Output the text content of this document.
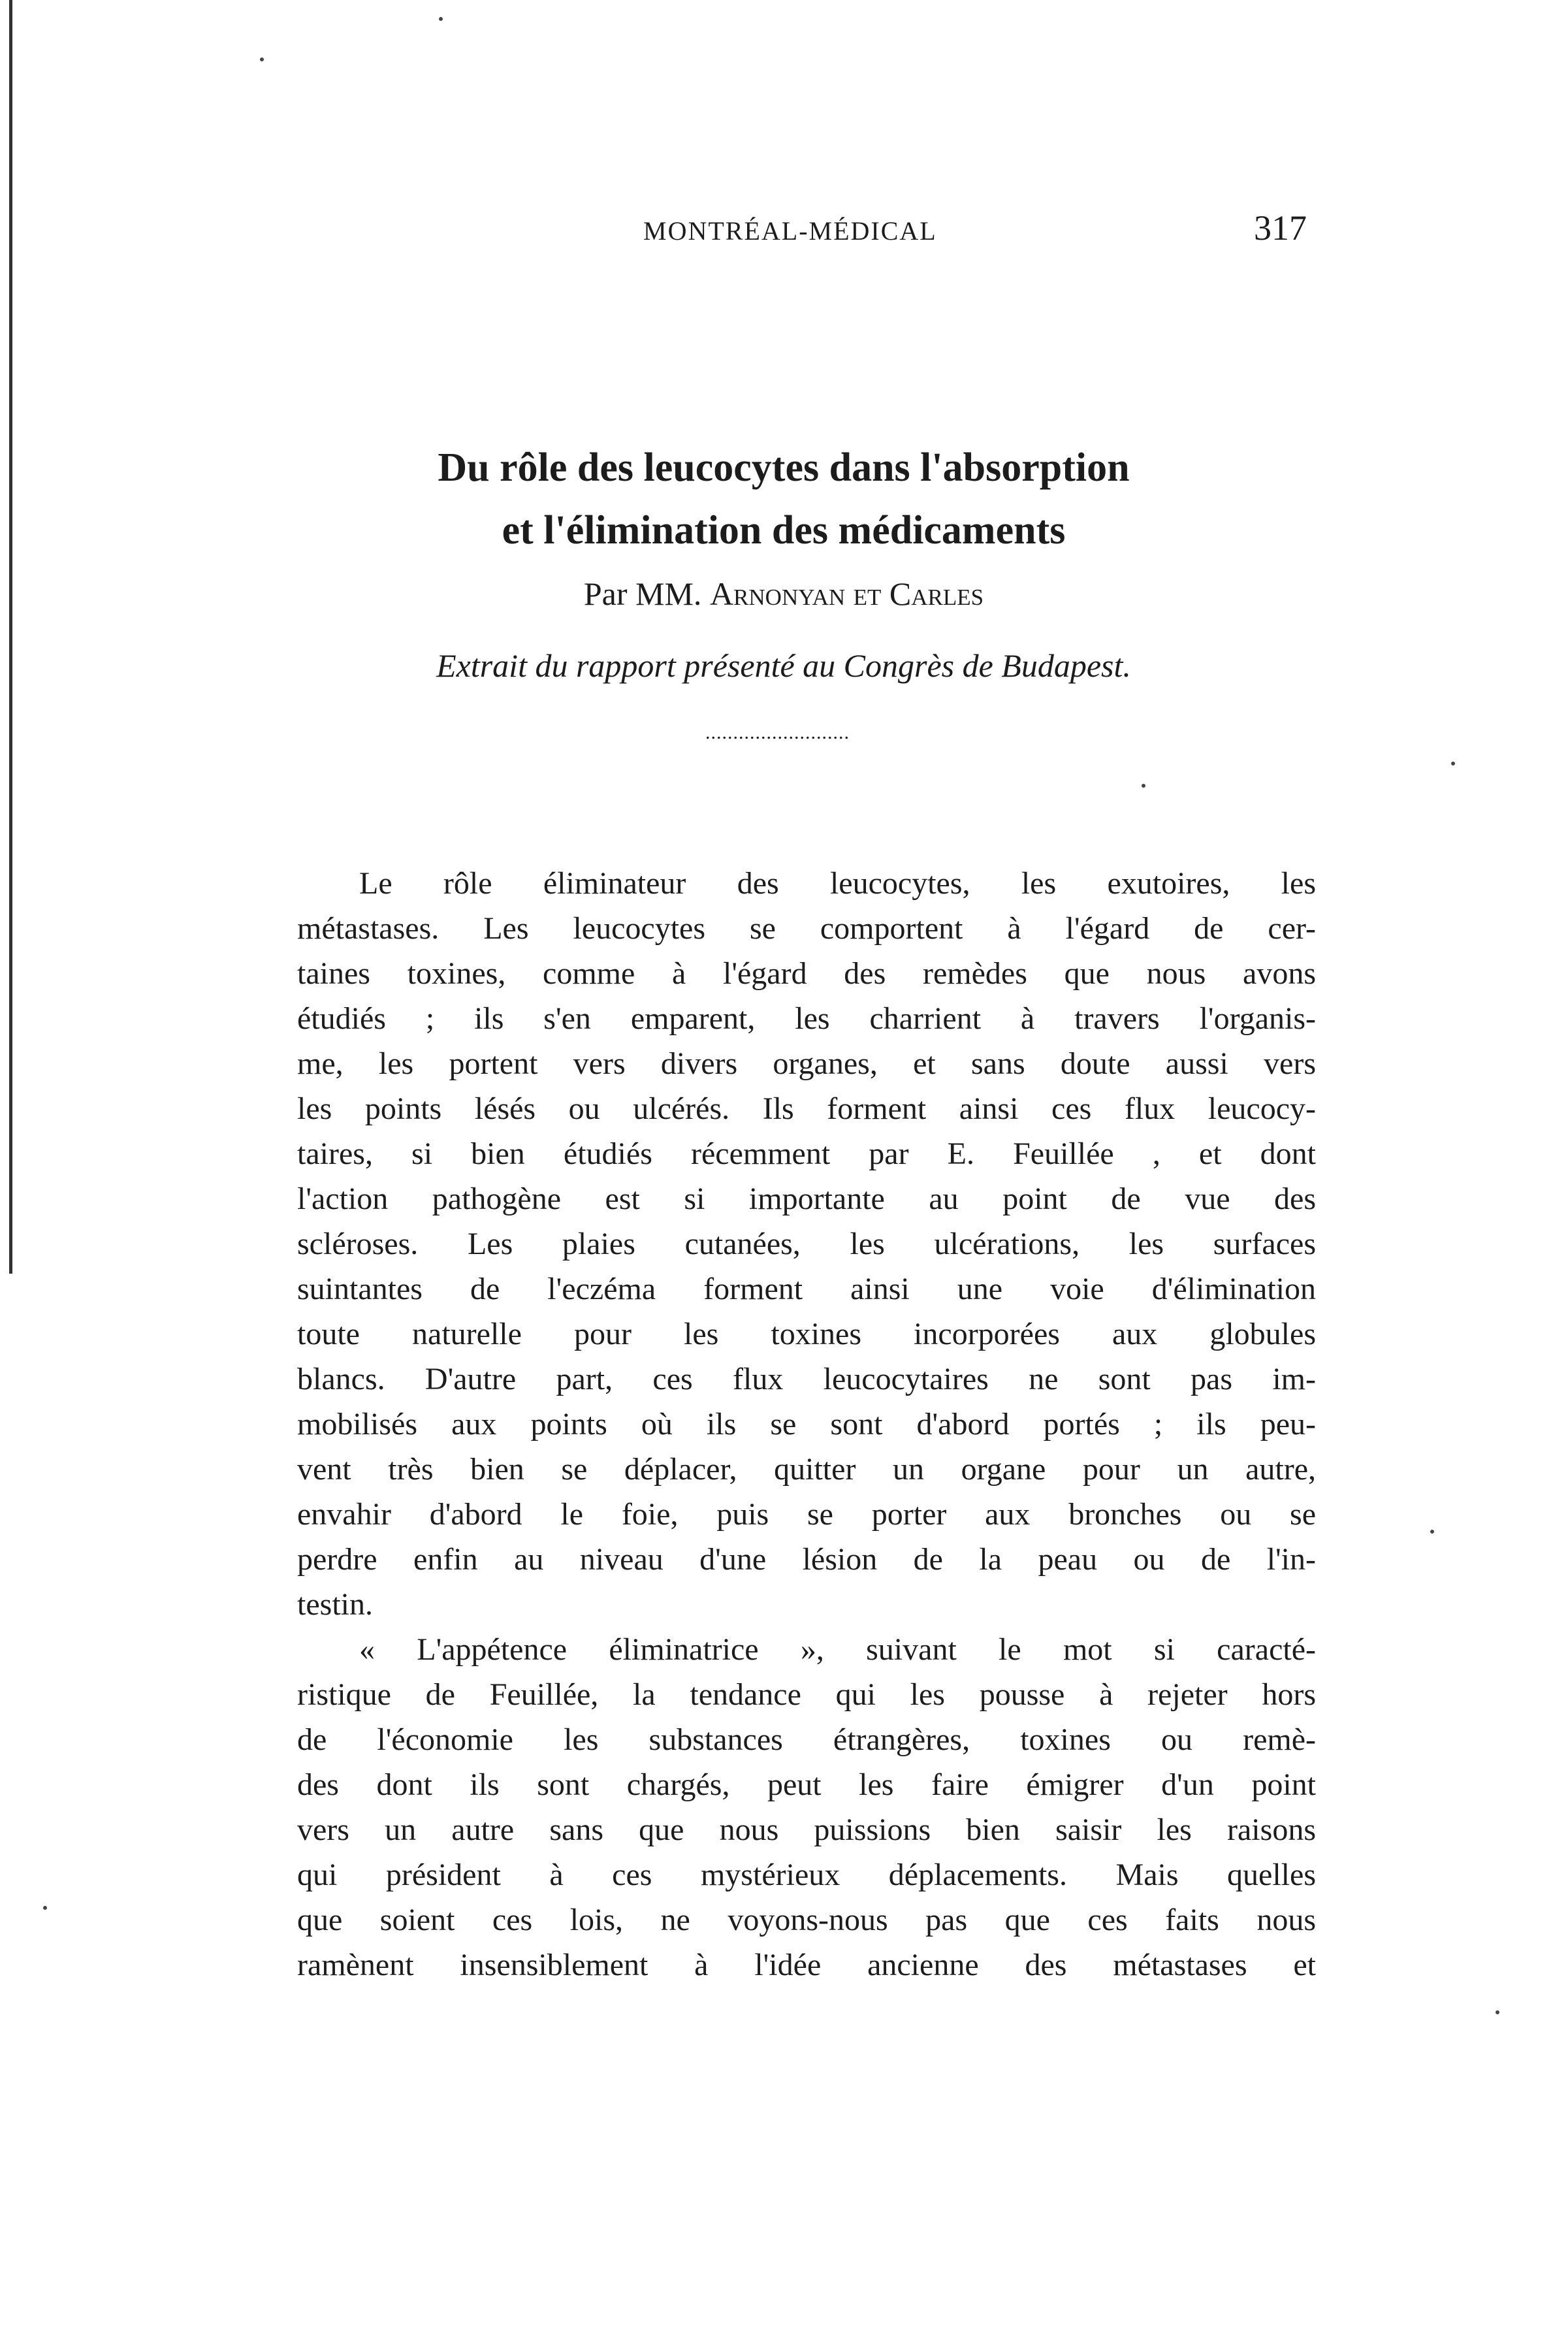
MONTRÉAL-MÉDICAL	317
Du rôle des leucocytes dans l'absorption
et l'élimination des médicaments
Par MM. Arnonyan et Carles
Extrait du rapport présenté au Congrès de Budapest.
..........................
Le rôle éliminateur des leucocytes, les exutoires, les
métastases. Les leucocytes se comportent à l'égard de cer-
taines toxines, comme à l'égard des remèdes que nous avons
étudiés ; ils s'en emparent, les charrient à travers l'organis-
me, les portent vers divers organes, et sans doute aussi vers
les points lésés ou ulcérés. Ils forment ainsi ces flux leucocy-
taires, si bien étudiés récemment par E. Feuillée , et dont
l'action pathogène est si importante au point de vue des
scléroses. Les plaies cutanées, les ulcérations, les surfaces
suintantes de l'eczéma forment ainsi une voie d'élimination
toute naturelle pour les toxines incorporées aux globules
blancs. D'autre part, ces flux leucocytaires ne sont pas im-
mobilisés aux points où ils se sont d'abord portés ; ils peu-
vent très bien se déplacer, quitter un organe pour un autre,
envahir d'abord le foie, puis se porter aux bronches ou se
perdre enfin au niveau d'une lésion de la peau ou de l'in-
testin.
« L'appétence éliminatrice », suivant le mot si caracté-
ristique de Feuillée, la tendance qui les pousse à rejeter hors
de l'économie les substances étrangères, toxines ou remè-
des dont ils sont chargés, peut les faire émigrer d'un point
vers un autre sans que nous puissions bien saisir les raisons
qui président à ces mystérieux déplacements. Mais quelles
que soient ces lois, ne voyons-nous pas que ces faits nous
ramènent insensiblement à l'idée ancienne des métastases et
